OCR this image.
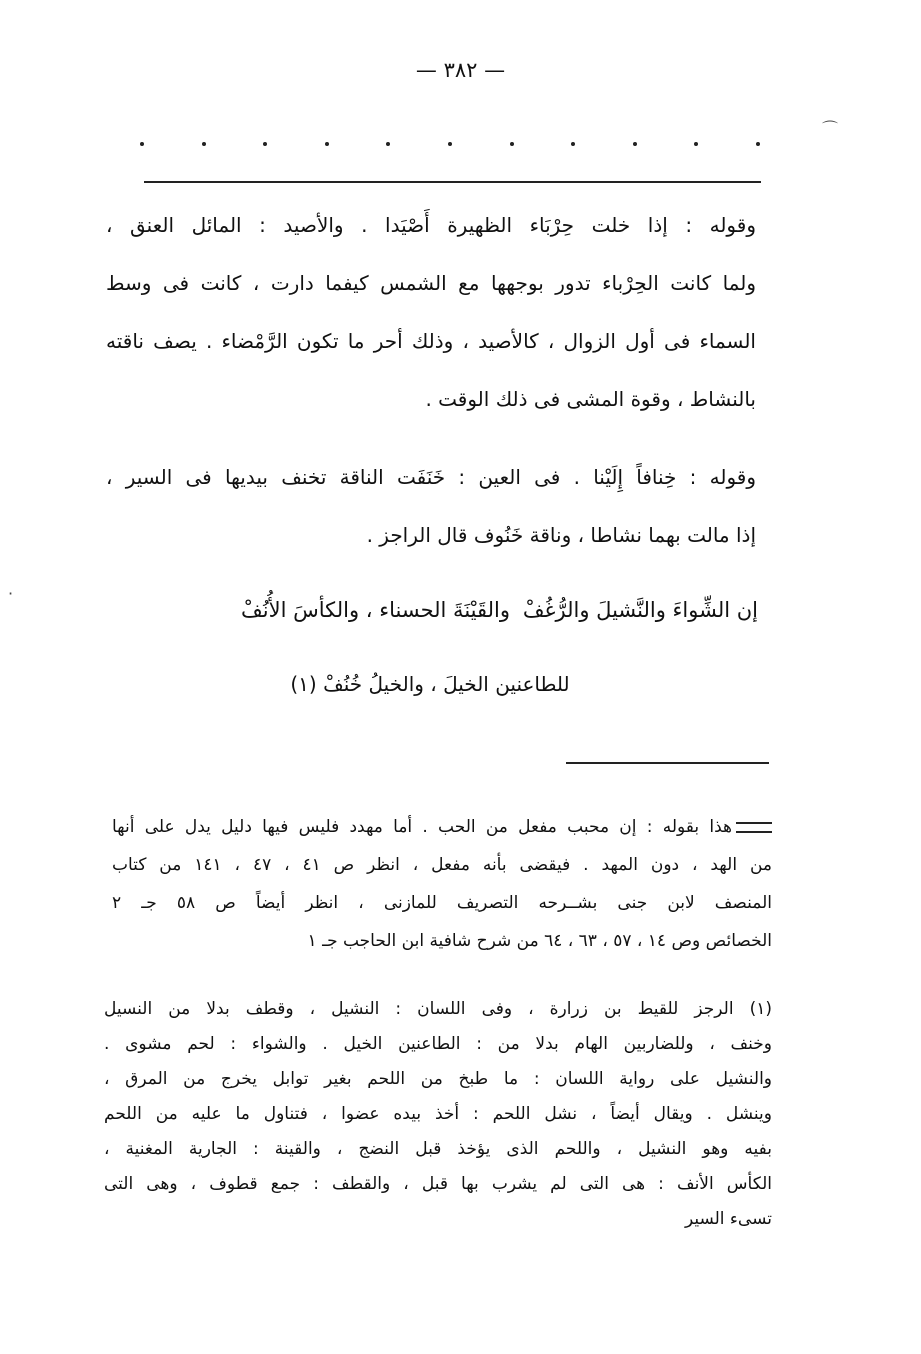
— ٣٨٢ —
⌒
·
وقوله : إذا خلت حِرْبَاء الظهيرة أَصْيَدا . والأصيد : المائل العنق ،
ولما كانت الحِرْباء تدور بوجهها مع الشمس كيفما دارت ، كانت فى وسط
السماء فى أول الزوال ، كالأصيد ، وذلك أحر ما تكون الرَّمْضاء . يصف ناقته
بالنشاط ، وقوة المشى فى ذلك الوقت .
وقوله : خِنافاً إِلَيْنا . فى العين : خَنَفَت الناقة تخنف بيديها فى السير ،
إذا مالت بهما نشاطا ، وناقة خَنُوف قال الراجز .
إن الشِّواءَ والنَّشيلَ والرُّغُفْ
والقَيْنَةَ الحسناء ، والكأسَ الأُنُفْ
للطاعنين الخيلَ ، والخيلُ خُنُفْ (١)
هذا بقوله : إن محبب مفعل من الحب . أما مهدد فليس فيها دليل يدل على أنها
من الهد ، دون المهد . فيقضى بأنه مفعل ، انظر ص ٤١ ، ٤٧ ، ١٤١ من كتاب
المنصف لابن جنى بشــرحه التصريف للمازنى ، انظر أيضاً ص ٥٨ جـ ٢
الخصائص وص ١٤ ، ٥٧ ، ٦٣ ، ٦٤ من شرح شافية ابن الحاجب جـ ١
(١) الرجز للقيط بن زرارة ، وفى اللسان : النشيل ، وقطف بدلا من النسيل
وخنف ، وللضاربين الهام بدلا من : الطاعنين الخيل . والشواء : لحم مشوى .
والنشيل على رواية اللسان : ما طبخ من اللحم بغير توابل يخرج من المرق ،
وينشل . ويقال أيضاً ، نشل اللحم : أخذ بيده عضوا ، فتناول ما عليه من اللحم
بفيه وهو النشيل ، واللحم الذى يؤخذ قبل النضج ، والقينة : الجارية المغنية ،
الكأس الأنف : هى التى لم يشرب بها قبل ، والقطف : جمع قطوف ، وهى التى
تسىء السير
